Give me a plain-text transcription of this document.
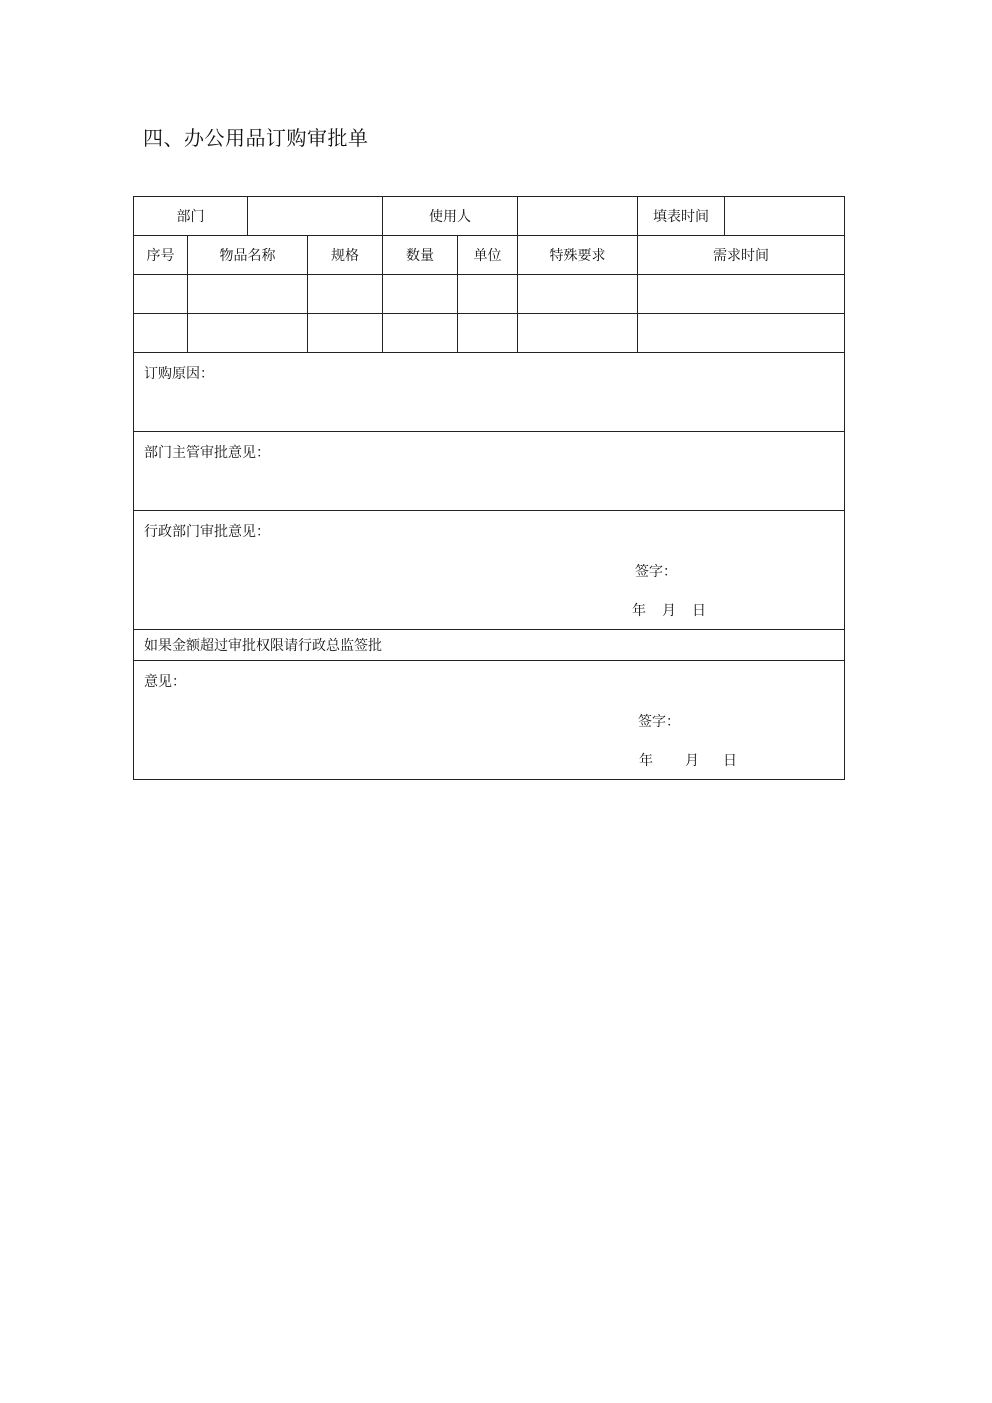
四、办公用品订购审批单
部门				使用人			填表时间	
序号	物品名称		规格	数量	单位	特殊要求	需求时间	

订购原因：								
部门主管审批意见：								

行政部门审批意见：
签字：
年 月 日								

如果金额超过审批权限请行政总监签批								

意见：
签字：
年 月 日								
